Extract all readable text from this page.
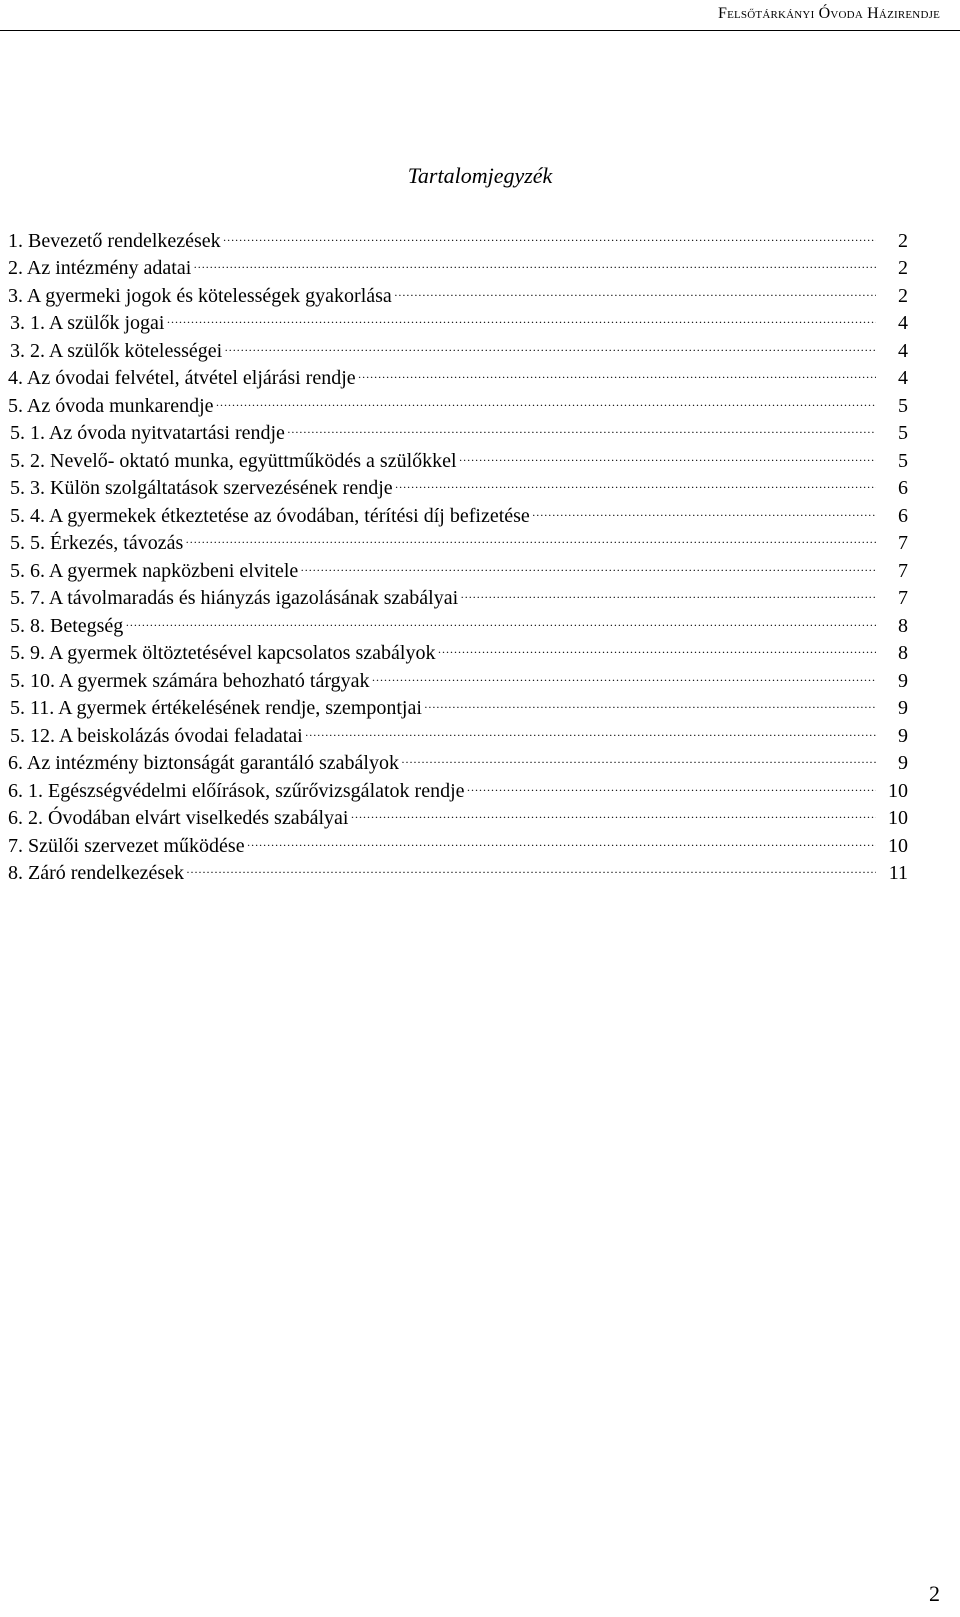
Felsőtárkányi Óvoda Házirendje
Tartalomjegyzék
1. Bevezető rendelkezések ……………………………………………………………………………………………………………………………………………………………………………	2
2. Az intézmény adatai ……………………………………………………………………………………………………………………………………………………………………………	2
3. A gyermeki jogok és kötelességek gyakorlása ……………………………………………………………………………………………………………………………………………………………………………	2
3. 1. A szülők jogai ……………………………………………………………………………………………………………………………………………………………………………	4
3. 2. A szülők kötelességei ……………………………………………………………………………………………………………………………………………………………………………	4
4. Az óvodai felvétel, átvétel eljárási rendje ……………………………………………………………………………………………………………………………………………………………………………	4
5. Az óvoda munkarendje ……………………………………………………………………………………………………………………………………………………………………………	5
5. 1. Az óvoda nyitvatartási rendje ……………………………………………………………………………………………………………………………………………………………………………	5
5. 2. Nevelő- oktató munka, együttműködés a szülőkkel ……………………………………………………………………………………………………………………………………………………………………………	5
5. 3. Külön szolgáltatások szervezésének rendje ……………………………………………………………………………………………………………………………………………………………………………	6
5. 4. A gyermekek étkeztetése az óvodában, térítési díj befizetése ……………………………………………………………………………………………………………………………………………………………………………	6
5. 5. Érkezés, távozás ……………………………………………………………………………………………………………………………………………………………………………	7
5. 6. A gyermek napközbeni elvitele ……………………………………………………………………………………………………………………………………………………………………………	7
5. 7. A távolmaradás és hiányzás igazolásának szabályai ……………………………………………………………………………………………………………………………………………………………………………	7
5. 8. Betegség ……………………………………………………………………………………………………………………………………………………………………………	8
5. 9. A gyermek öltöztetésével kapcsolatos szabályok ……………………………………………………………………………………………………………………………………………………………………………	8
5. 10. A gyermek számára behozható tárgyak ……………………………………………………………………………………………………………………………………………………………………………	9
5. 11. A gyermek értékelésének rendje, szempontjai ……………………………………………………………………………………………………………………………………………………………………………	9
5. 12. A beiskolázás óvodai feladatai ……………………………………………………………………………………………………………………………………………………………………………	9
6. Az intézmény biztonságát garantáló szabályok ……………………………………………………………………………………………………………………………………………………………………………	9
6. 1. Egészségvédelmi előírások, szűrővizsgálatok rendje ……………………………………………………………………………………………………………………………………………………………………………	10
6. 2. Óvodában elvárt viselkedés szabályai ……………………………………………………………………………………………………………………………………………………………………………	10
7. Szülői szervezet működése ……………………………………………………………………………………………………………………………………………………………………………	10
8. Záró rendelkezések ……………………………………………………………………………………………………………………………………………………………………………	11
2
